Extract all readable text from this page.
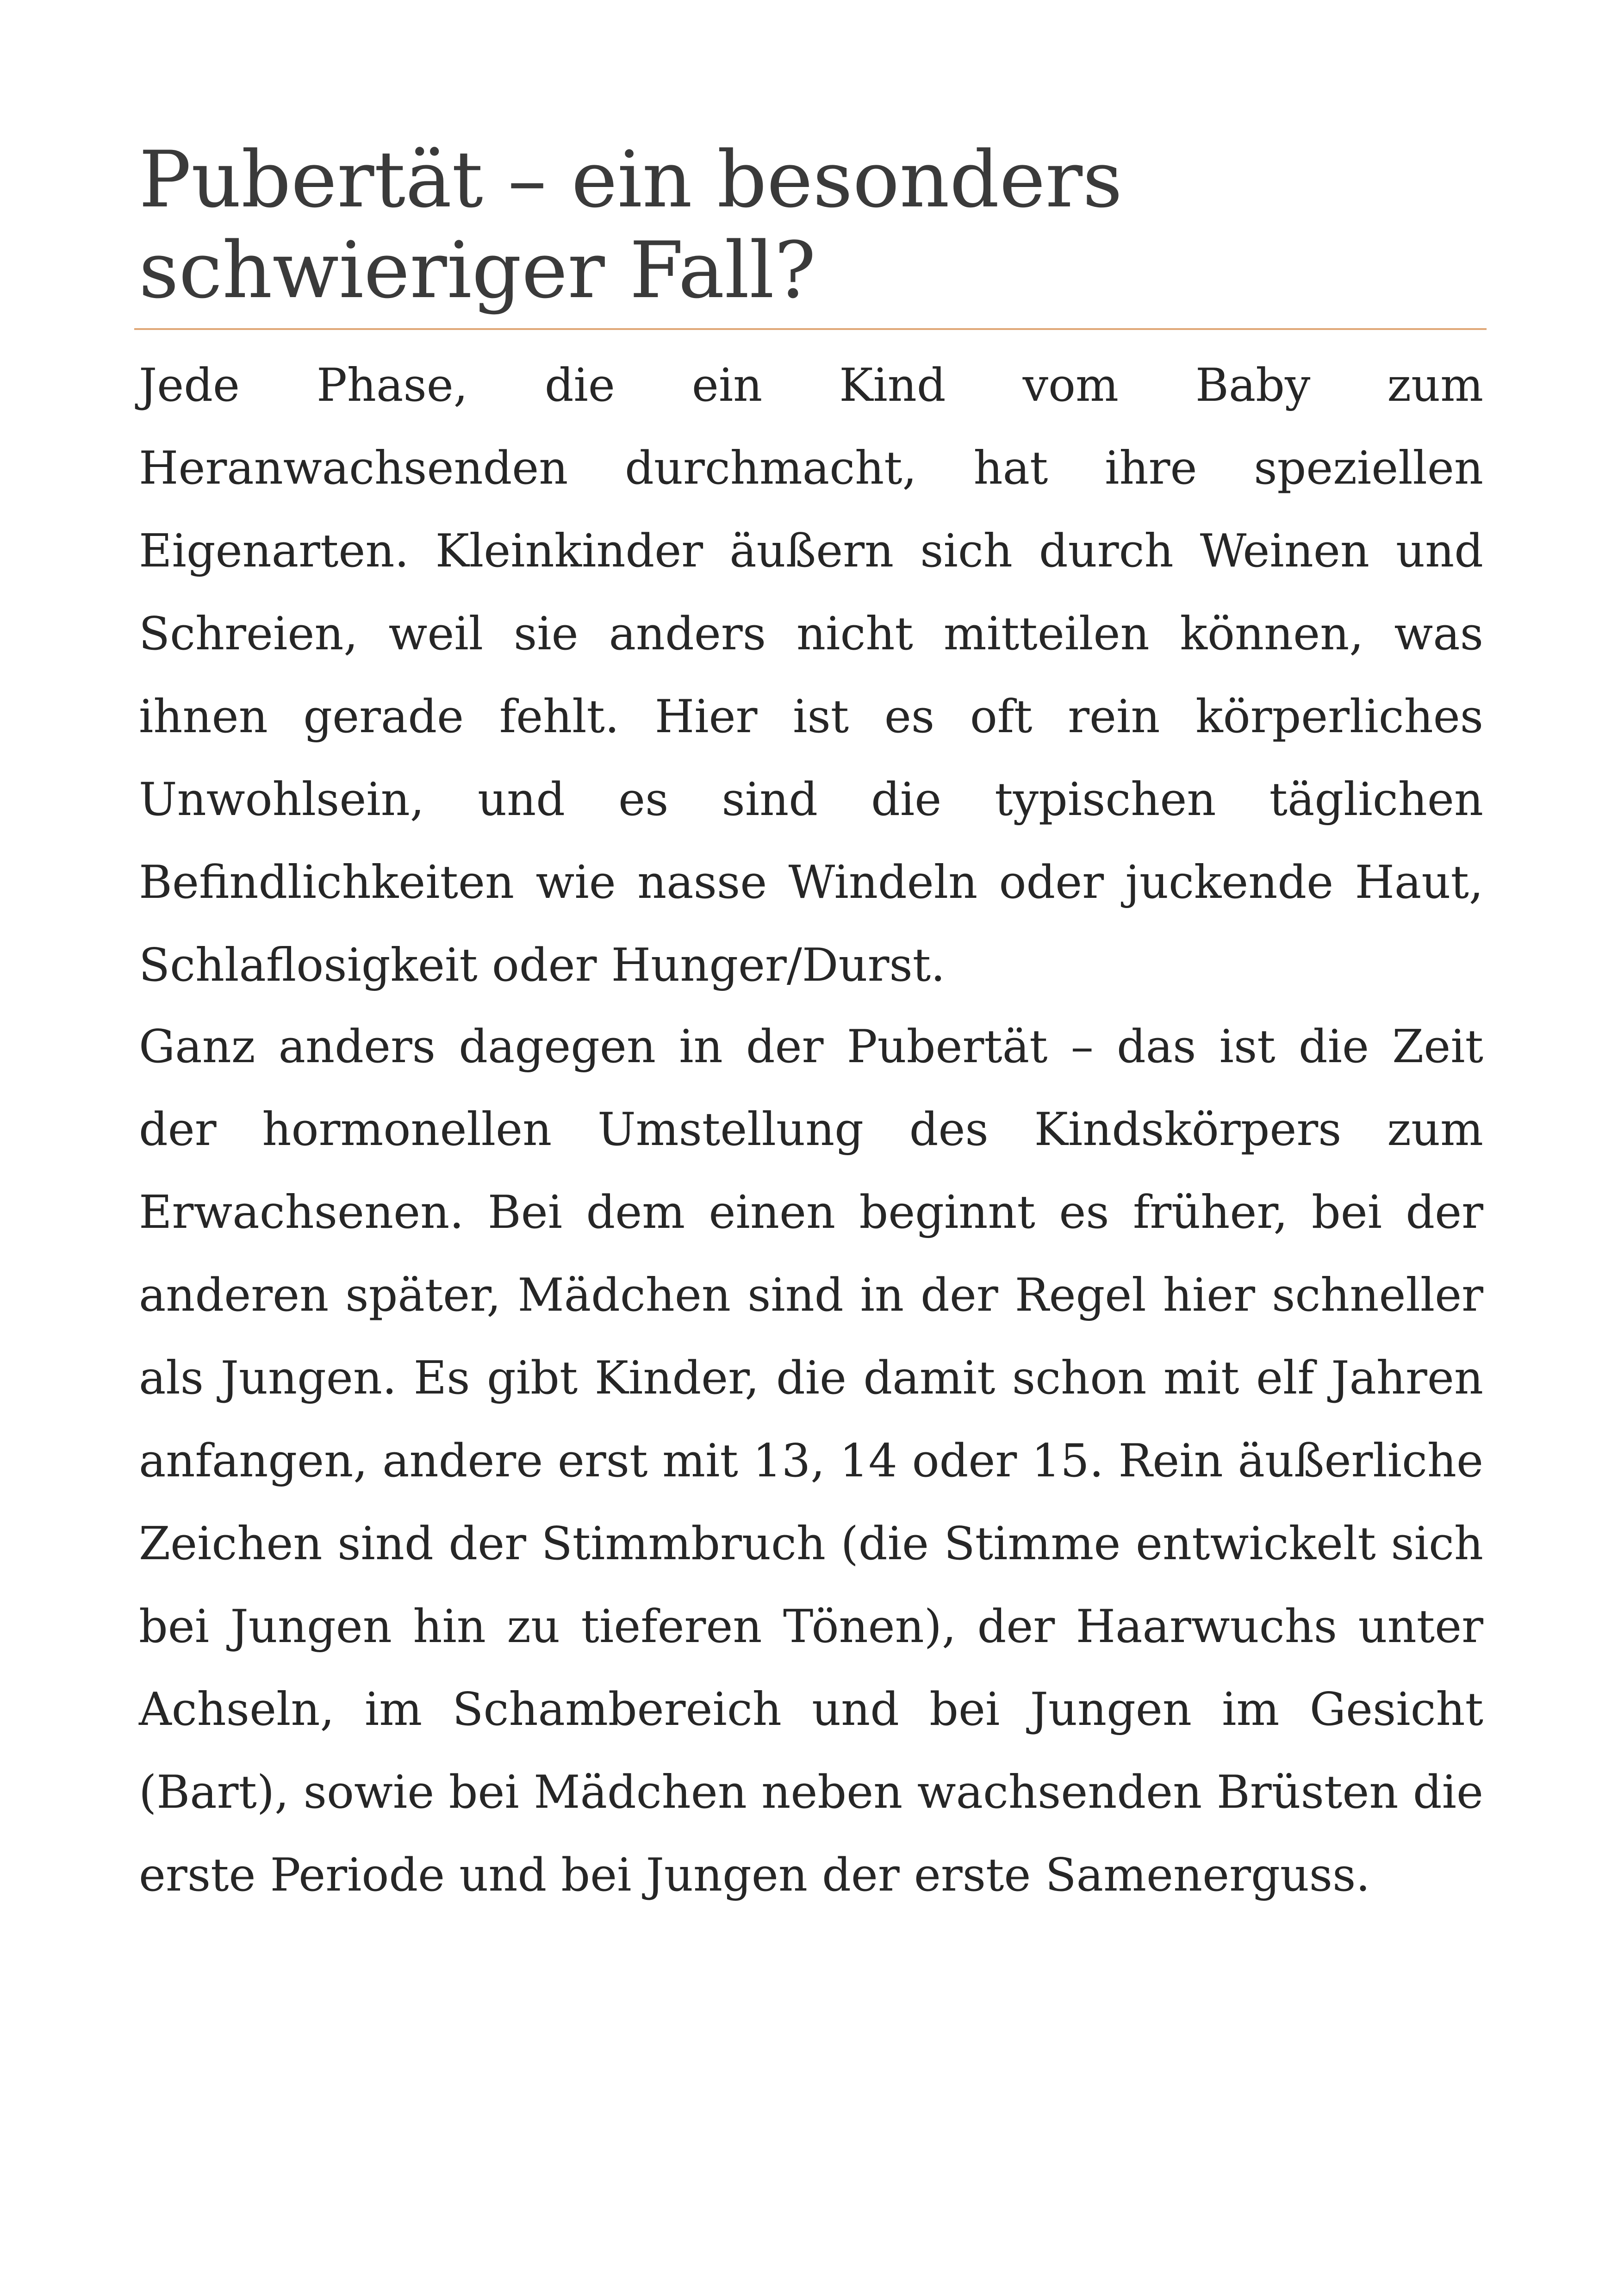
Pubertät – ein besonders
schwieriger Fall?

Jede Phase, die ein Kind vom Baby zum Heranwachsenden durchmacht, hat ihre speziellen Eigenarten. Kleinkinder äußern sich durch Weinen und Schreien, weil sie anders nicht mitteilen können, was ihnen gerade fehlt. Hier ist es oft rein körperliches Unwohlsein, und es sind die typischen täglichen Befindlichkeiten wie nasse Windeln oder juckende Haut, Schlaflosigkeit oder Hunger/Durst.

Ganz anders dagegen in der Pubertät – das ist die Zeit der hormonellen Umstellung des Kindskörpers zum Erwachsenen. Bei dem einen beginnt es früher, bei der anderen später, Mädchen sind in der Regel hier schneller als Jungen. Es gibt Kinder, die damit schon mit elf Jahren anfangen, andere erst mit 13, 14 oder 15. Rein äußerliche Zeichen sind der Stimmbruch (die Stimme entwickelt sich bei Jungen hin zu tieferen Tönen), der Haarwuchs unter Achseln, im Schambereich und bei Jungen im Gesicht (Bart), sowie bei Mädchen neben wachsenden Brüsten die erste Periode und bei Jungen der erste Samenerguss.
